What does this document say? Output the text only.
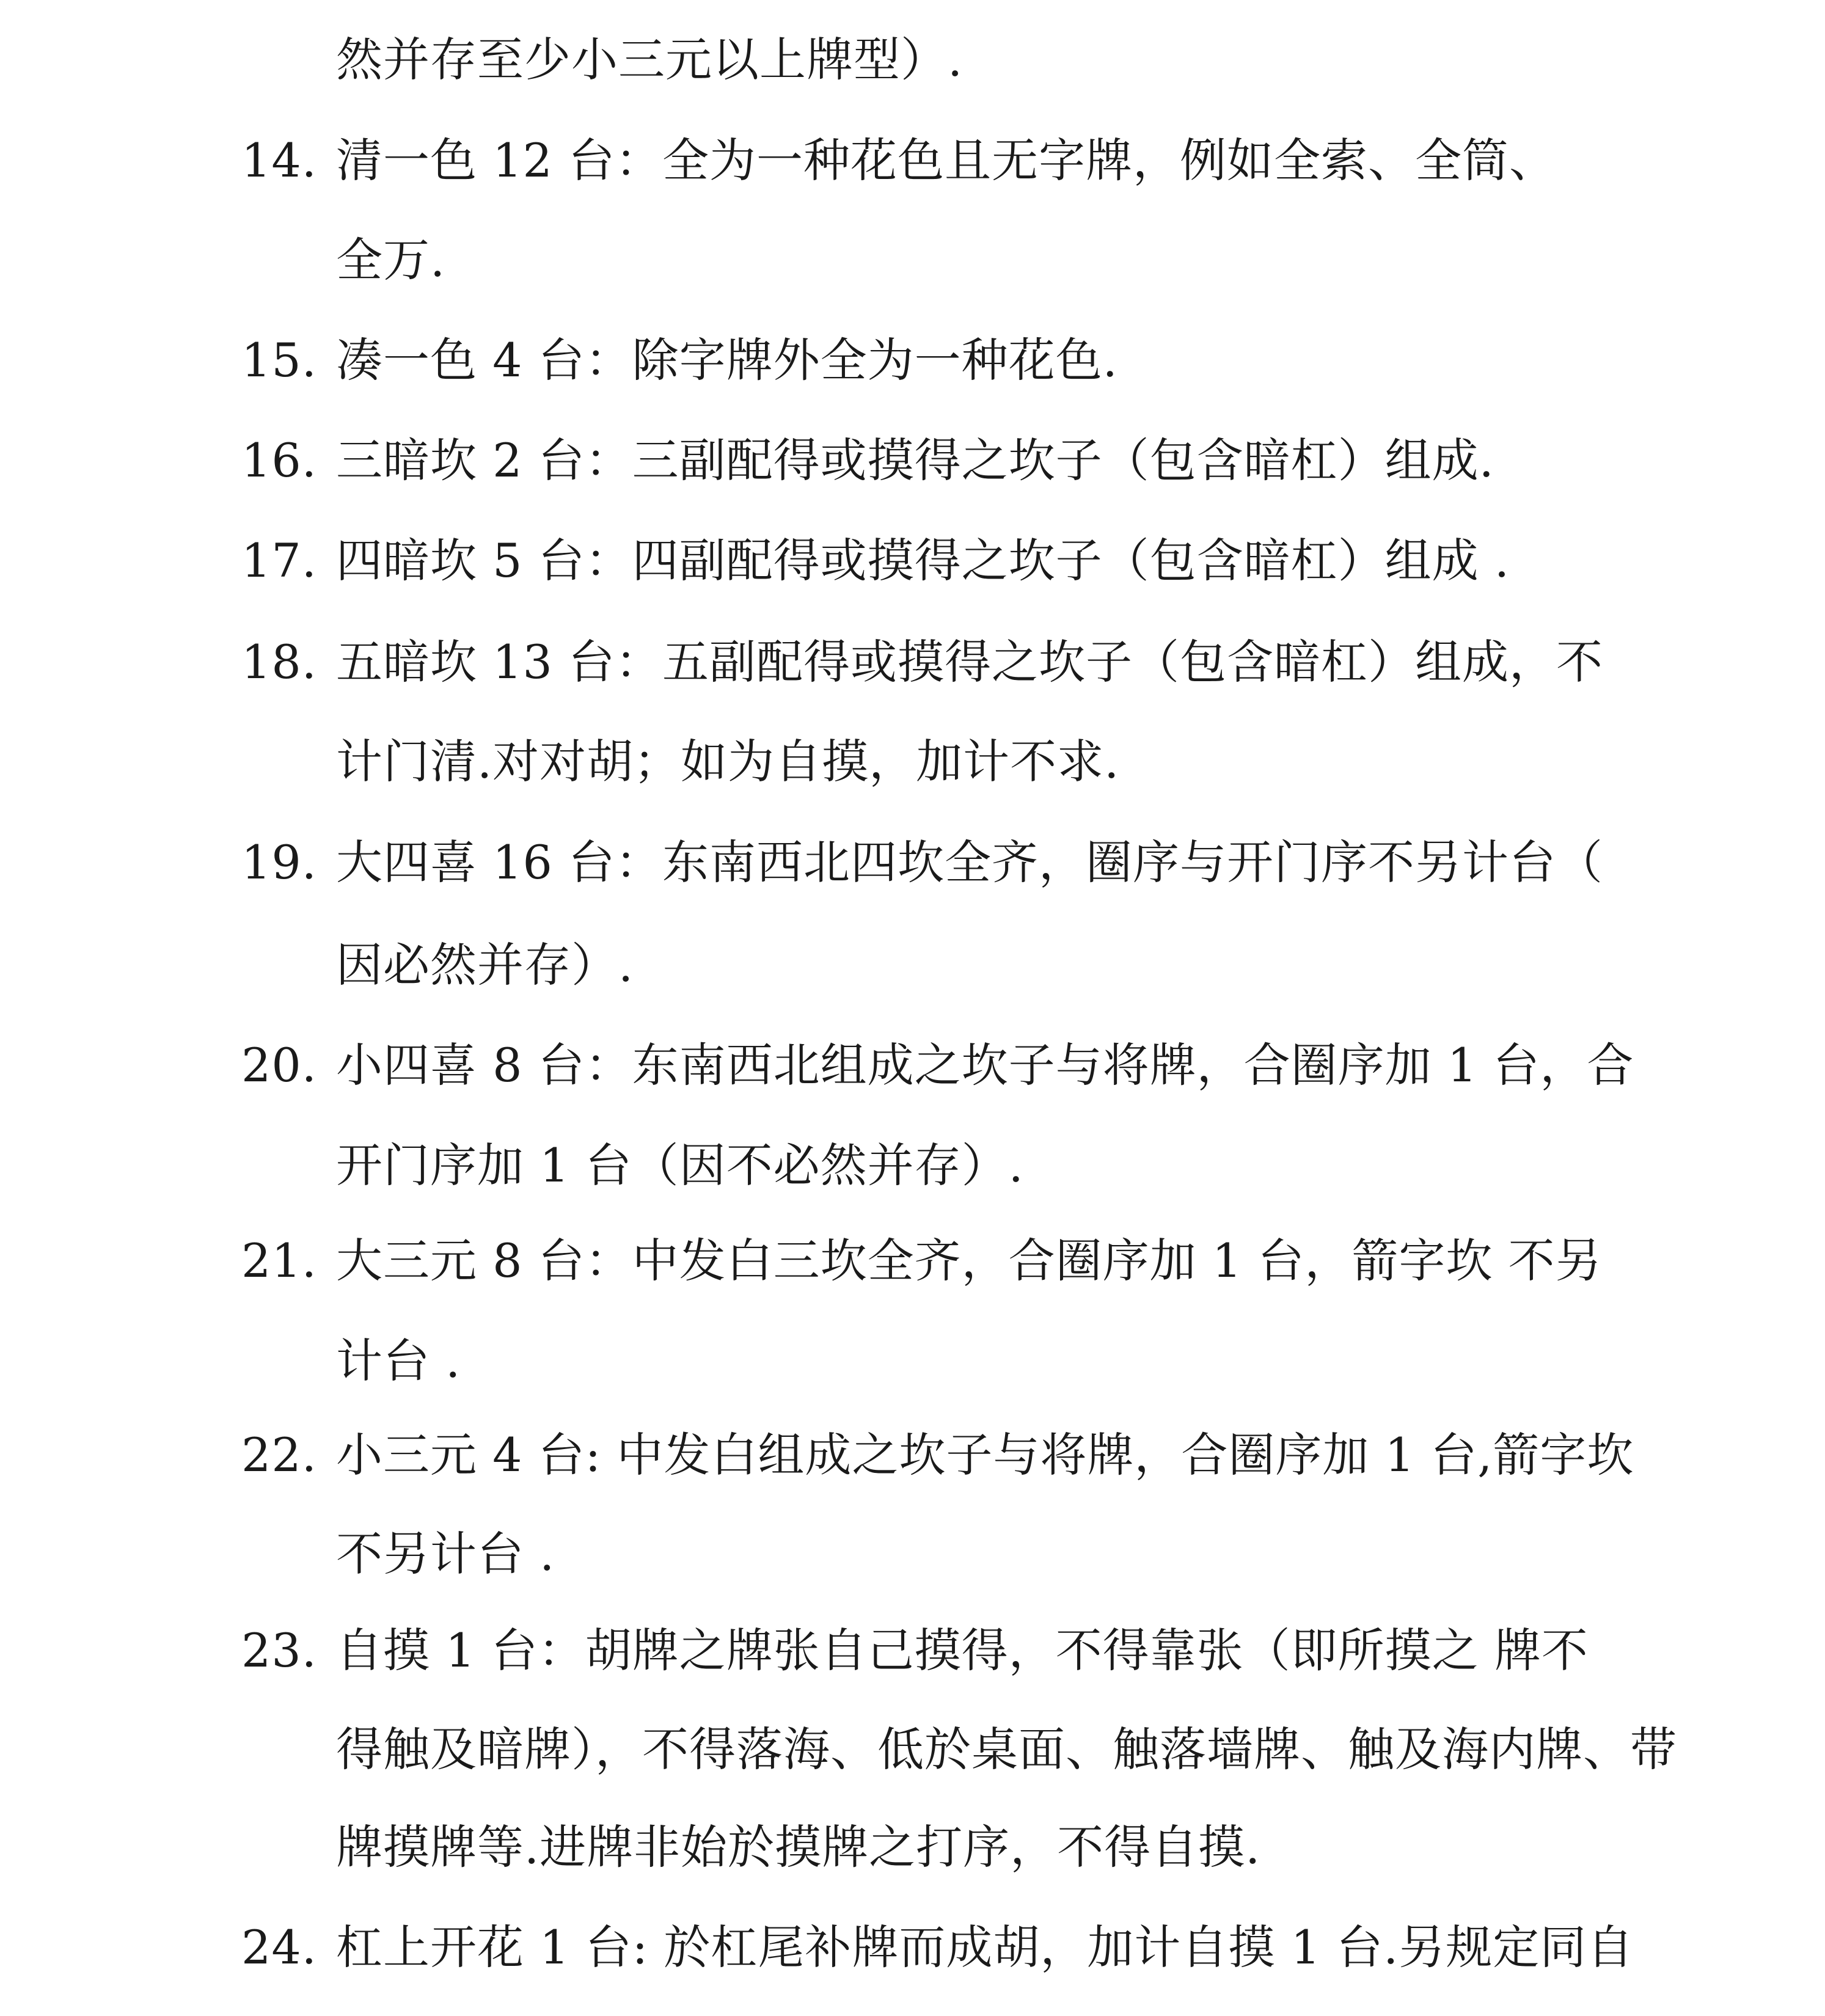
然并存至少小三元以上牌型）.
14. 清一色 12 台：全为一种花色且无字牌，例如全索、全筒、
全万.
15. 凑一色 4 台：除字牌外全为一种花色.
16. 三暗坎 2 台：三副配得或摸得之坎子（包含暗杠）组成.
17. 四暗坎 5 台：四副配得或摸得之坎子（包含暗杠）组成 .
18. 五暗坎 13 台：五副配得或摸得之坎子（包含暗杠）组成，不
计门清.对对胡；如为自摸，加计不求.
19. 大四喜 16 台：东南西北四坎全齐，圈序与开门序不另计台（
因必然并存）.
20. 小四喜 8 台：东南西北组成之坎子与将牌，合圈序加 1 台，合
开门序加 1 台（因不必然并存）.
21. 大三元 8 台：中发白三坎全齐，合圈序加 1 台，箭字坎 不另
计台 .
22. 小三元 4 台: 中发白组成之坎子与将牌，合圈序加 1 台,箭字坎
不另计台 .
23. 自摸 1 台：胡牌之牌张自己摸得，不得靠张（即所摸之 牌不
得触及暗牌），不得落海、低於桌面、触落墙牌、触及海内牌、带
牌摸牌等.进牌非始於摸牌之打序，不得自摸.
24. 杠上开花 1 台: 於杠尾补牌而成胡，加计自摸 1 台.另规定同自
